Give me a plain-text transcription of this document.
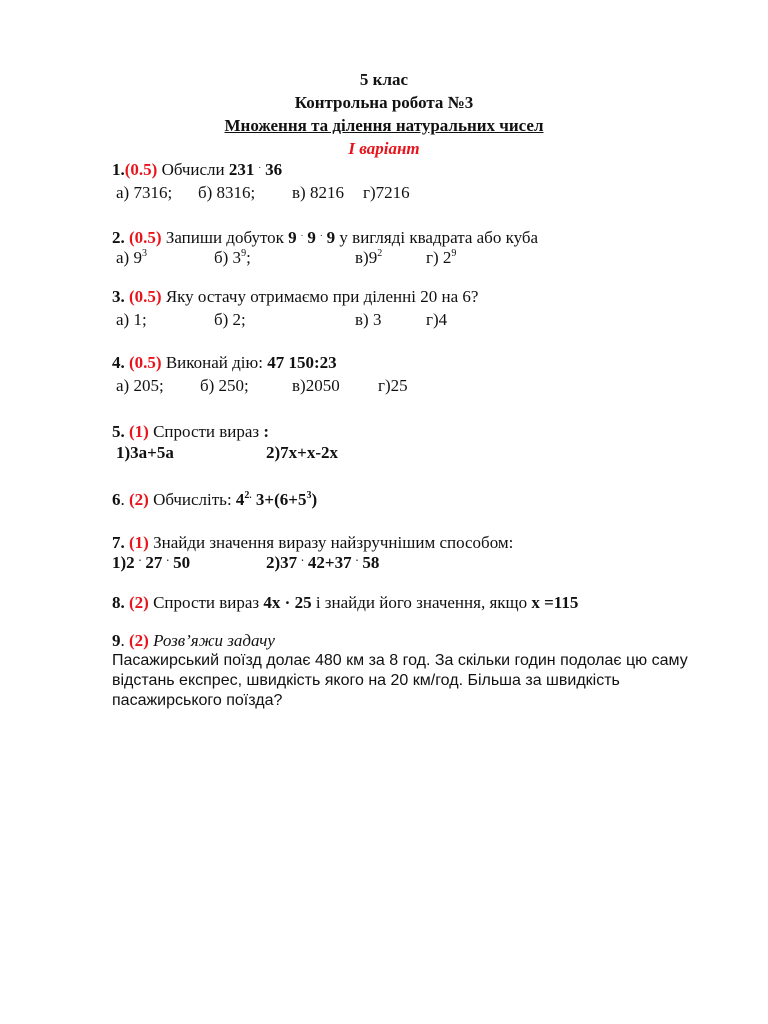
5 клас
Контрольна робота №3
Множення та ділення натуральних чисел
І варіант
1.(0.5) Обчисли 231 . 36
а) 7316; б) 8316; в) 8216 г)7216
2. (0.5) Запиши добуток 9 . 9 . 9 у вигляді квадрата або куба
а) $9^3$	б) $3^9$;	$в)9^2$	г) $2^9$
3. (0.5) Яку остачу отримаємо при діленні 20 на 6?
а) 1;	б) 2;	в) 3	г)4
4. (0.5) Виконай дію: 47 150:23
а) 205; б) 250;	в)2050 г)25
5. (1) Спрости вираз :
1)3а+5а	2)7х+х-2х
6. (2) Обчисліть: $4^{2.}$ $3+(6+5^3)$
7. (1) Знайди значення виразу найзручнішим способом:
1)2 . 27 . 50	2)37 . 42+37 . 58
8. (2) Спрости вираз 4х · 25 і знайди його значення, якщо х =115
9. (2) Розв’яжи задачу
Пасажирський поїзд долає 480 км за 8 год. За скільки годин подолає цю саму
відстань експрес, швидкість якого на 20 км/год. Більша за швидкість
пасажирського поїзда?
